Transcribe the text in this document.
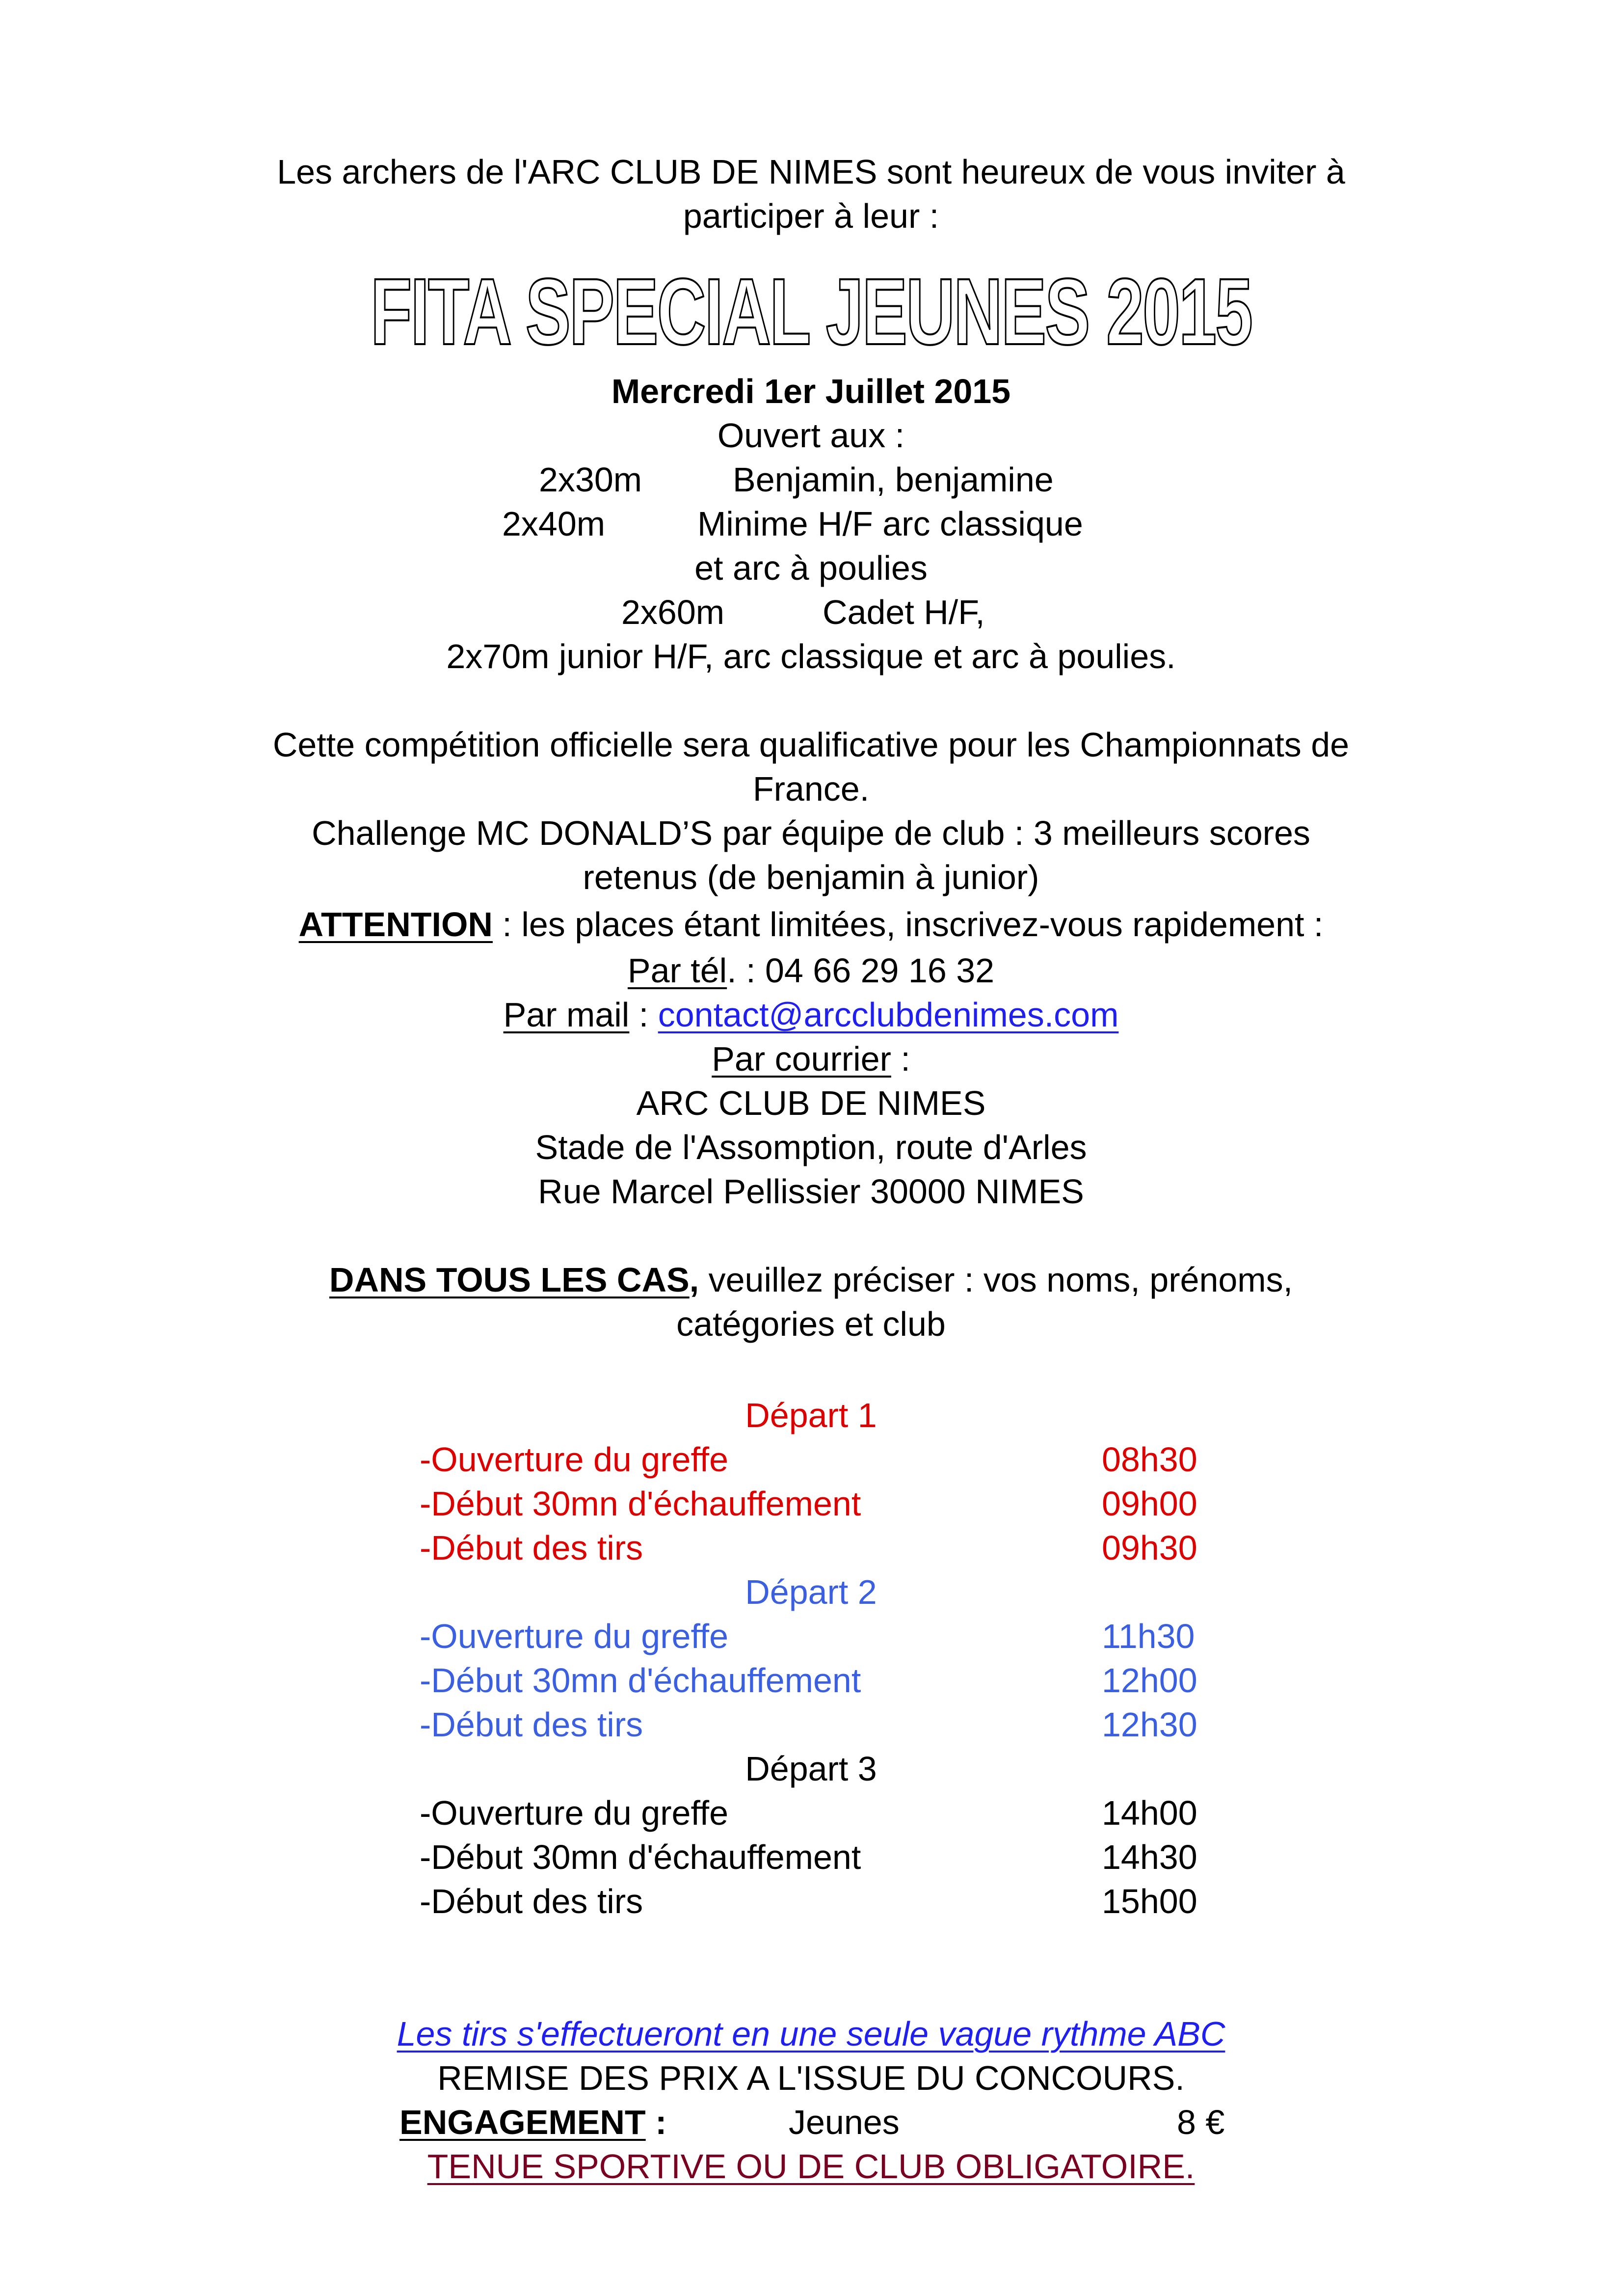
Les archers de l'ARC CLUB DE NIMES sont heureux de vous inviter à
participer à leur :
FITA SPECIAL JEUNES 2015
Mercredi 1er Juillet 2015
Ouvert aux :
2x30m	Benjamin, benjamine
2x40m	Minime H/F arc classique
et arc à poulies
2x60m	Cadet H/F,
2x70m junior H/F, arc classique et arc à poulies.
Cette compétition officielle sera qualificative pour les Championnats de
France.
Challenge MC DONALD’S par équipe de club : 3 meilleurs scores
retenus (de benjamin à junior)
ATTENTION : les places étant limitées, inscrivez-vous rapidement :
Par tél. : 04 66 29 16 32
Par mail : contact@arcclubdenimes.com
Par courrier :
ARC CLUB DE NIMES
Stade de l'Assomption, route d'Arles
Rue Marcel Pellissier 30000 NIMES
DANS TOUS LES CAS, veuillez préciser : vos noms, prénoms,
catégories et club
Départ 1
-Ouverture du greffe	08h30
-Début 30mn d'échauffement	09h00
-Début des tirs	09h30
Départ 2
-Ouverture du greffe	11h30
-Début 30mn d'échauffement	12h00
-Début des tirs	12h30
Départ 3
-Ouverture du greffe	14h00
-Début 30mn d'échauffement	14h30
-Début des tirs	15h00
Les tirs s'effectueront en une seule vague rythme ABC
REMISE DES PRIX A L'ISSUE DU CONCOURS.
ENGAGEMENT :	Jeunes	8 €
TENUE SPORTIVE OU DE CLUB OBLIGATOIRE.
